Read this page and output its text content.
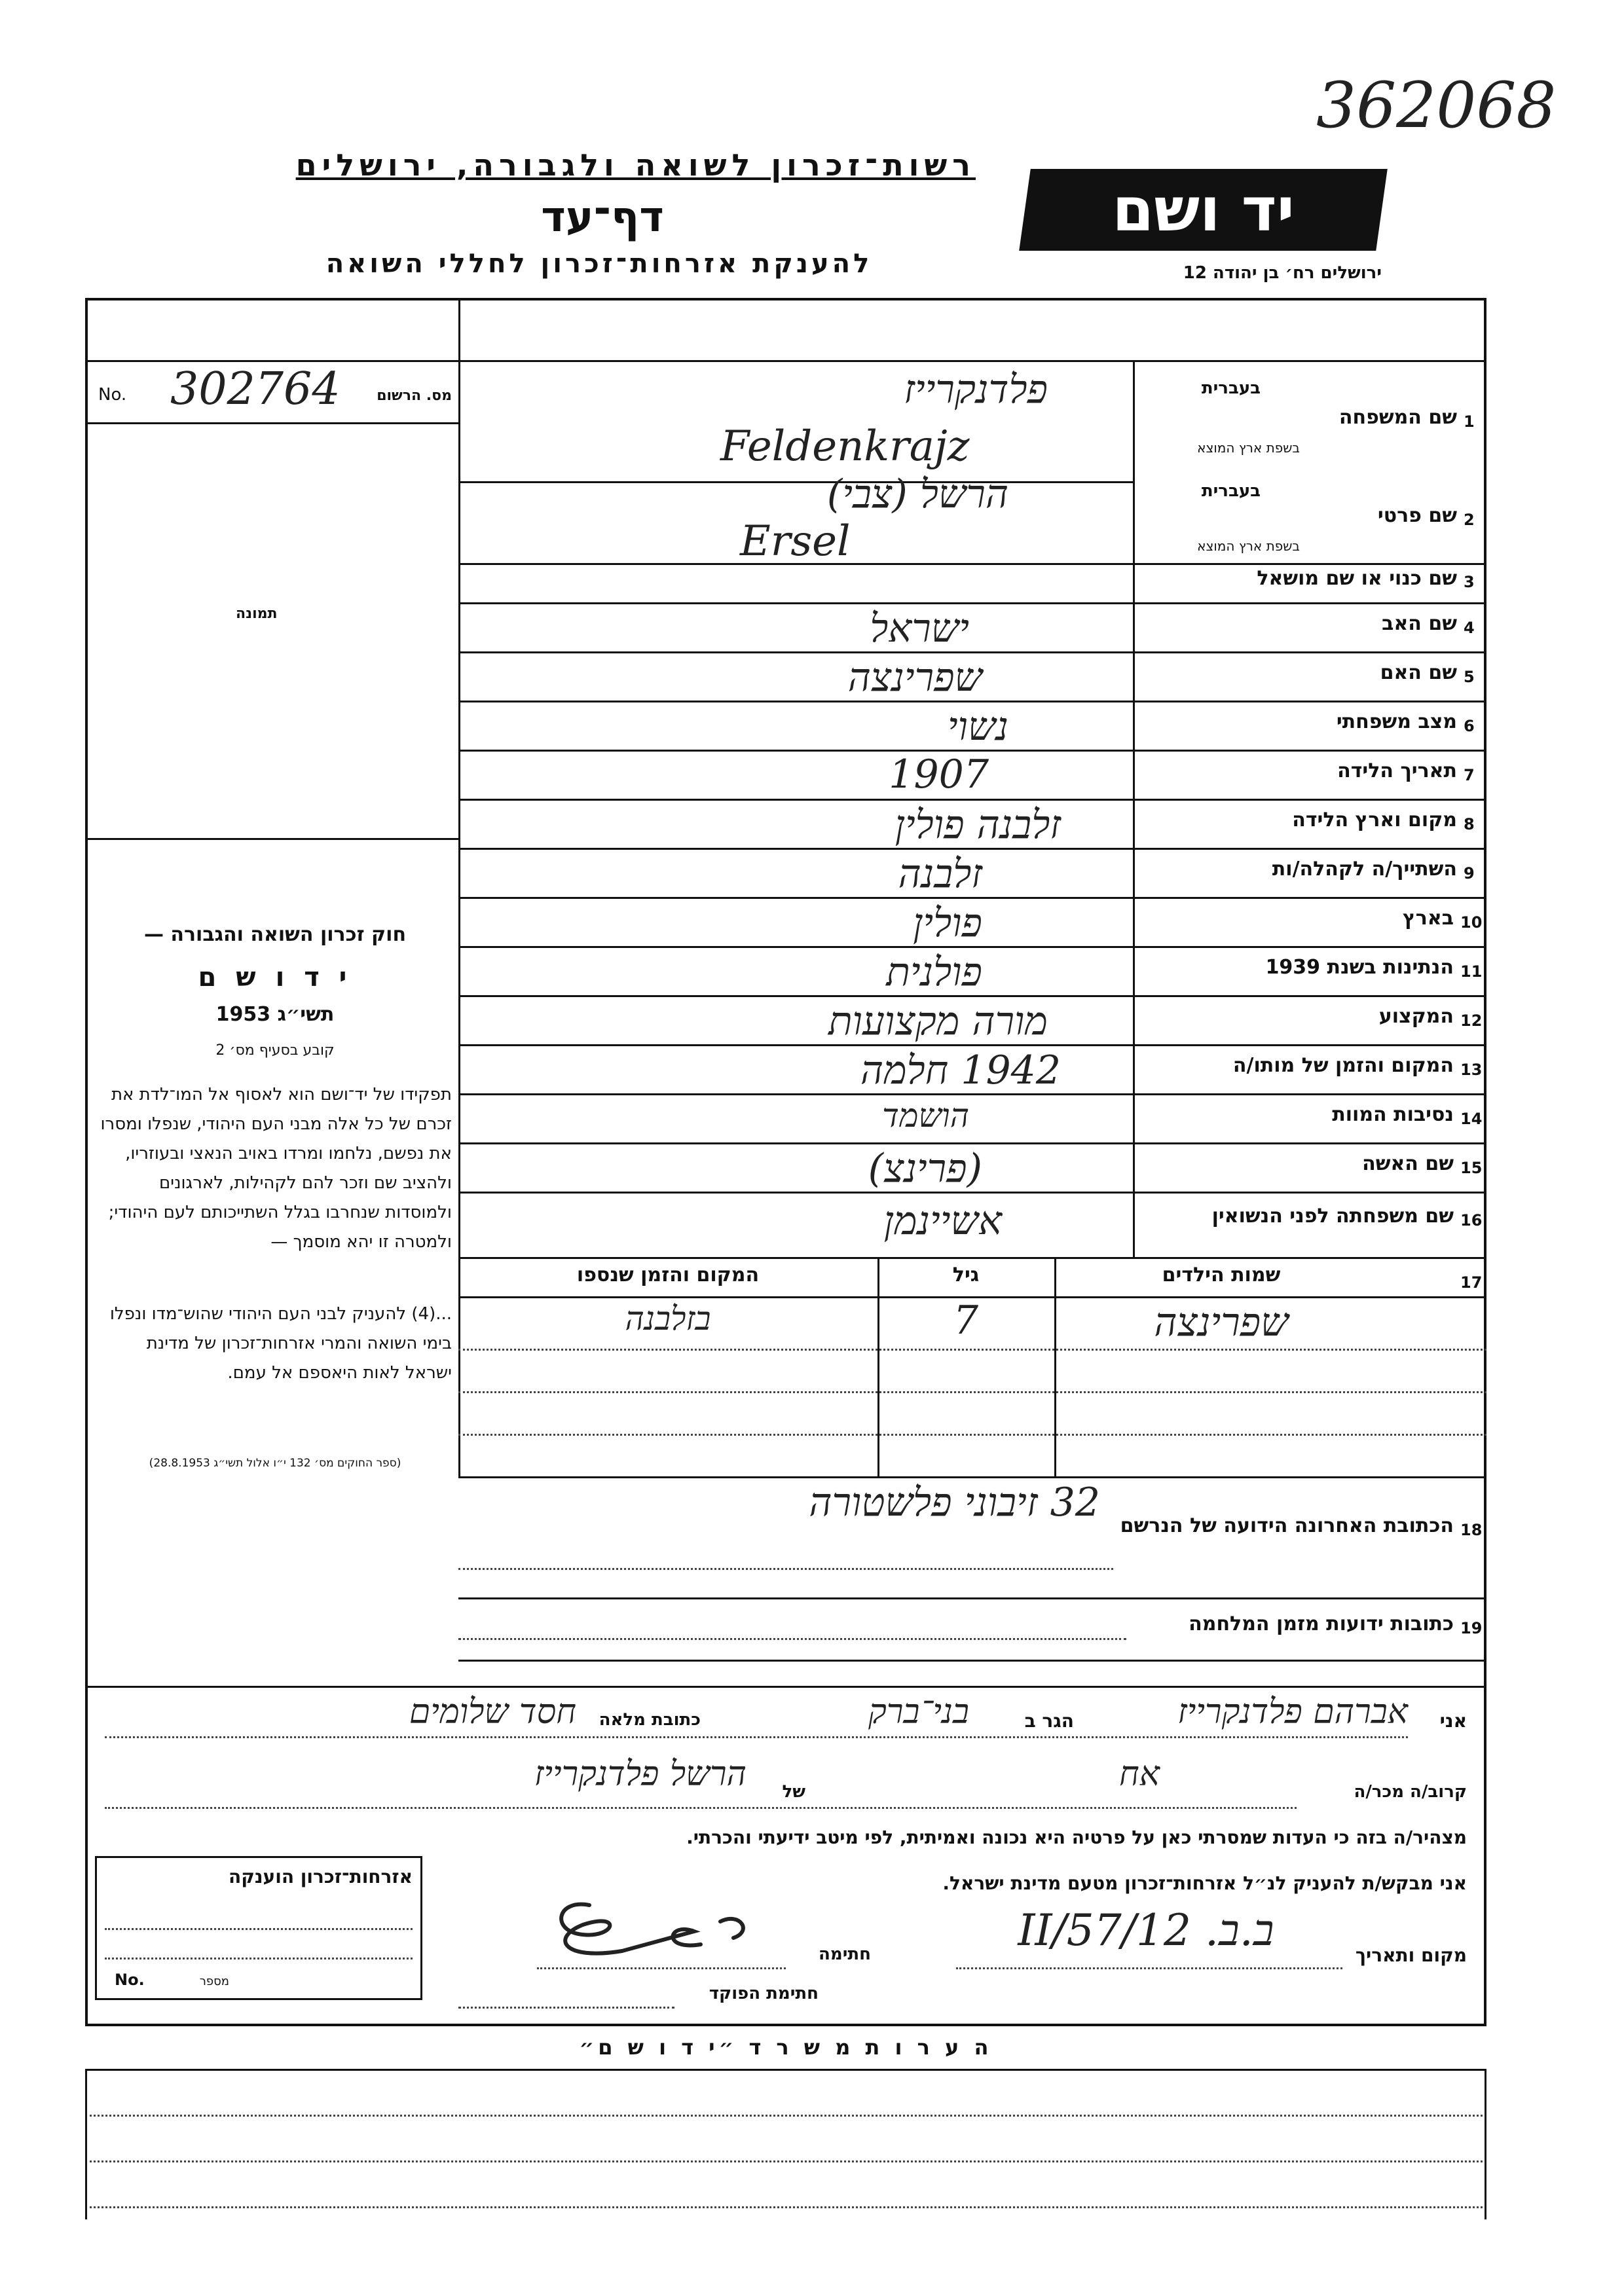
362068
רשות־זכרון לשואה ולגבורה, ירושלים
דף־עד
להענקת אזרחות־זכרון לחללי השואה
יד ושם
ירושלים רח׳ בן יהודה 12
No. 302764	מס. הרשום
תמונה
חוק זכרון השואה והגבורה —
י ד ו ש ם
תשי״ג 1953
קובע בסעיף מס׳ 2
תפקידו של יד־ושם הוא לאסוף אל המו־לדת את זכרם של כל אלה מבני העם היהודי, שנפלו ומסרו את נפשם, נלחמו ומרדו באויב הנאצי ובעוזריו, ולהציב שם וזכר להם לקהילות, לארגונים ולמוסדות שנחרבו בגלל השתייכותם לעם היהודי; ולמטרה זו יהא מוסמך —
...(4) להעניק לבני העם היהודי שהוש־מדו ונפלו בימי השואה והמרי אזרחות־זכרון של מדינת ישראל לאות היאספם אל עמם.
(ספר החוקים מס׳ 132 י״ו אלול תשי״ג 28.8.1953)
1
שם המשפחה
בעברית
בשפת ארץ המוצא
פלדנקרייז
Feldenkrajz
2
שם פרטי
בעברית
בשפת ארץ המוצא
הרשל (צבי)
Ersel
3
שם כנוי או שם מושאל
4
שם האב
ישראל
5
שם האם
שפרינצה
6
מצב משפחתי
נשוי
7
תאריך הלידה
1907
8
מקום וארץ הלידה
זלבנה פולין
9
השתייך/ה לקהלה/ות
זלבנה
10
בארץ
פולין
11
הנתינות בשנת 1939
פולנית
12
המקצוע
מורה מקצועות
13
המקום והזמן של מותו/ה
1942 חלמה
14
נסיבות המוות
הושמד
15
שם האשה
(פרינצ)
16
שם משפחתה לפני הנשואין
אשיינמן
17
שמות הילדים
גיל
המקום והזמן שנספו
שפרינצה
7
בזלבנה
18
הכתובת האחרונה הידועה של הנרשם
32 זיבוני פלשטורה
19
כתובות ידועות מזמן המלחמה
אני
אברהם פלדנקרייז
הגר ב
בני־ברק
כתובת מלאה
חסד שלומים
קרוב/ה מכר/ה
אח
של
הרשל פלדנקרייז
מצהיר/ה בזה כי העדות שמסרתי כאן על פרטיה היא נכונה ואמיתית, לפי מיטב ידיעתי והכרתי.
אני מבקש/ת להעניק לנ״ל אזרחות־זכרון מטעם מדינת ישראל.
מקום ותאריך
ב.ב. 12/II/57
חתימה
חתימת הפוקד
אזרחות־זכרון הוענקה
No.	מספר
ה ע ר ו ת מ ש ר ד ״י ד ו ש ם״
